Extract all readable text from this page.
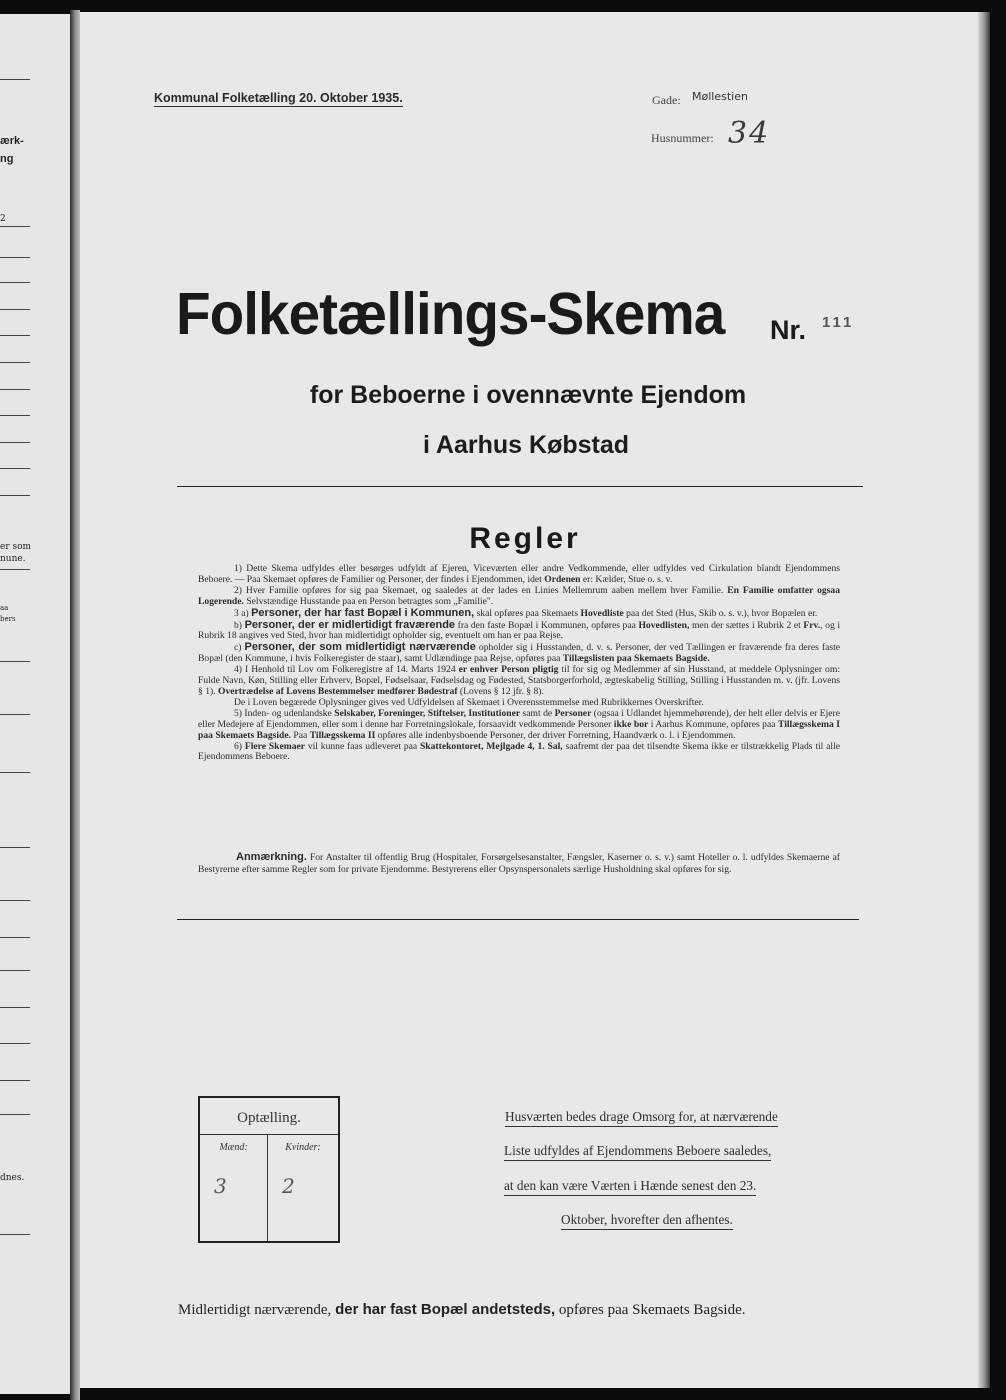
ærk-
ng
2
er som
nune.
aa
bers
dnes.
Kommunal Folketælling 20. Oktober 1935.	Gade: Møllestien
Husnummer: 34
Folketællings-Skema Nr. 111
for Beboerne i ovennævnte Ejendom
i Aarhus Købstad
Regler

1) Dette Skema udfyldes eller besørges udfyldt af Ejeren, Viceværten eller andre Vedkommende, eller udfyldes ved Cirkulation blandt Ejendommens Beboere. — Paa Skemaet opføres de Familier og Personer, der findes i Ejendommen, idet Ordenen er: Kælder, Stue o. s. v.

2) Hver Familie opføres for sig paa Skemaet, og saaledes at der lades en Linies Mellemrum aaben mellem hver Familie. En Familie omfatter ogsaa Logerende. Selvstændige Husstande paa en Person betragtes som „Familie".

3 a) Personer, der har fast Bopæl i Kommunen, skal opføres paa Skemaets Hovedliste paa det Sted (Hus, Skib o. s. v.), hvor Bopælen er.

b) Personer, der er midlertidigt fraværende fra den faste Bopæl i Kommunen, opføres paa Hovedlisten, men der sættes i Rubrik 2 et Frv., og i Rubrik 18 angives ved Sted, hvor han midlertidigt opholder sig, eventuelt om han er paa Rejse.

c) Personer, der som midlertidigt nærværende opholder sig i Husstanden, d. v. s. Personer, der ved Tællingen er fraværende fra deres faste Bopæl (den Kommune, i hvis Folkeregister de staar), samt Udlændinge paa Rejse, opføres paa Tillægslisten paa Skemaets Bagside.

4) I Henhold til Lov om Folkeregistre af 14. Marts 1924 er enhver Person pligtig til for sig og Medlemmer af sin Husstand, at meddele Oplysninger om: Fulde Navn, Køn, Stilling eller Erhverv, Bopæl, Fødselsaar, Fødselsdag og Fødested, Statsborgerforhold, ægteskabelig Stilling, Stilling i Husstanden m. v. (jfr. Lovens § 1). Overtrædelse af Lovens Bestemmelser medfører Bødestraf (Lovens § 12 jfr. § 8).

De i Loven begærede Oplysninger gives ved Udfyldelsen af Skemaet i Overensstemmelse med Rubrikkernes Overskrifter.

5) Inden- og udenlandske Selskaber, Foreninger, Stiftelser, Institutioner samt de Personer (ogsaa i Udlandet hjemmehørende), der helt eller delvis er Ejere eller Medejere af Ejendommen, eller som i denne har Forretningslokale, forsaavidt vedkommende Personer ikke bor i Aarhus Kommune, opføres paa Tillægsskema I paa Skemaets Bagside. Paa Tillægsskema II opføres alle indenbysboende Personer, der driver Forretning, Haandværk o. l. i Ejendommen.

6) Flere Skemaer vil kunne faas udleveret paa Skattekontoret, Mejlgade 4, 1. Sal, saafremt der paa det tilsendte Skema ikke er tilstrækkelig Plads til alle Ejendommens Beboere.

Anmærkning. For Anstalter til offentlig Brug (Hospitaler, Forsørgelsesanstalter, Fængsler, Kaserner o. s. v.) samt Hoteller o. l. udfyldes Skemaerne af Bestyrerne efter samme Regler som for private Ejendomme. Bestyrerens eller Opsynspersonalets særlige Husholdning skal opføres for sig.

Optælling.
Mænd:	Kvinder:
3	2
Husværten bedes drage Omsorg for, at nærværende
Liste udfyldes af Ejendommens Beboere saaledes,
at den kan være Værten i Hænde senest den 23.
Oktober, hvorefter den afhentes.
Midlertidigt nærværende, der har fast Bopæl andetsteds, opføres paa Skemaets Bagside.
